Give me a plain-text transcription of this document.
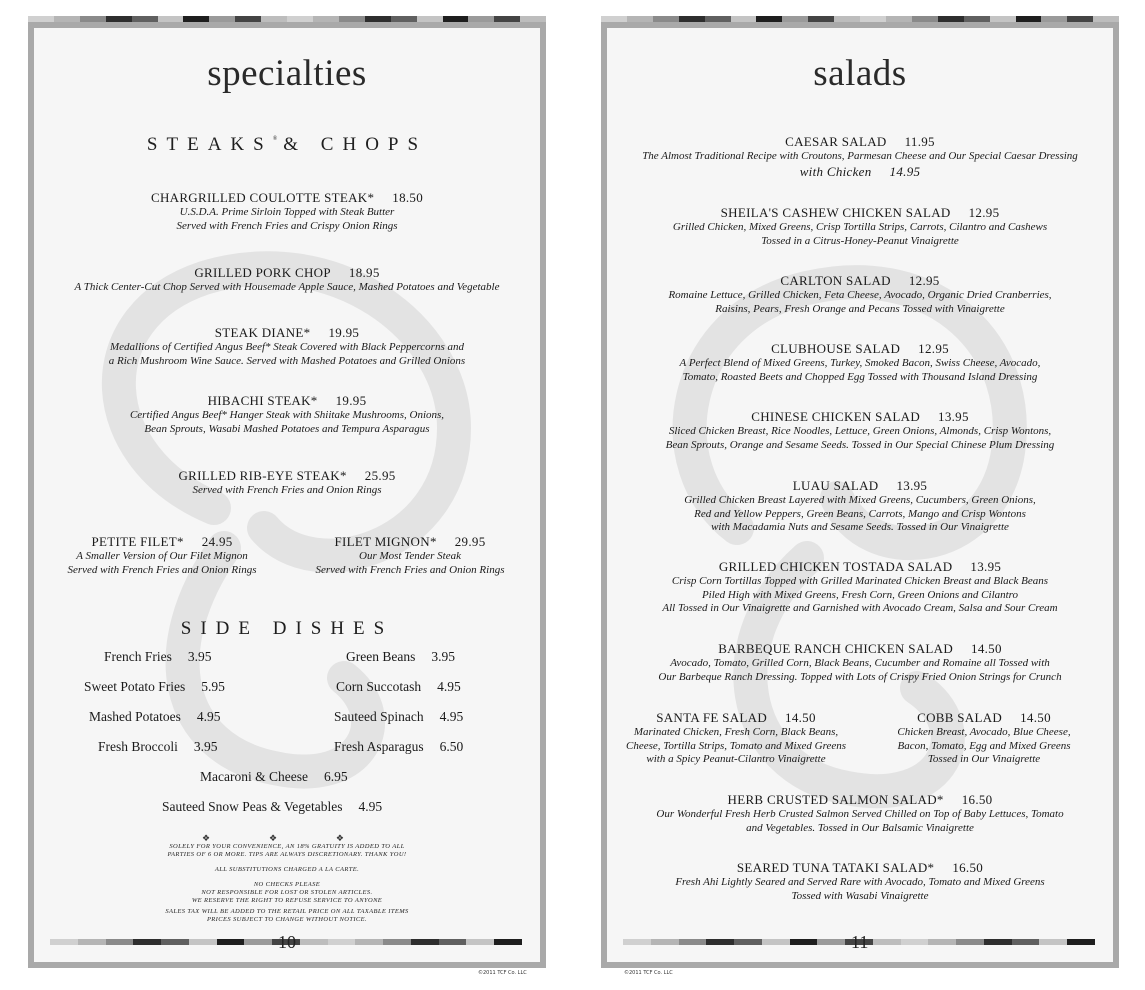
specialties
STEAKS® & CHOPS
CHARGRILLED COULOTTE STEAK* 18.50
U.S.D.A. Prime Sirloin Topped with Steak Butter
Served with French Fries and Crispy Onion Rings
GRILLED PORK CHOP 18.95
A Thick Center-Cut Chop Served with Housemade Apple Sauce, Mashed Potatoes and Vegetable
STEAK DIANE* 19.95
Medallions of Certified Angus Beef* Steak Covered with Black Peppercorns and
a Rich Mushroom Wine Sauce. Served with Mashed Potatoes and Grilled Onions
HIBACHI STEAK* 19.95
Certified Angus Beef* Hanger Steak with Shiitake Mushrooms, Onions,
Bean Sprouts, Wasabi Mashed Potatoes and Tempura Asparagus
GRILLED RIB-EYE STEAK* 25.95
Served with French Fries and Onion Rings
PETITE FILET* 24.95
A Smaller Version of Our Filet Mignon
Served with French Fries and Onion Rings
FILET MIGNON* 29.95
Our Most Tender Steak
Served with French Fries and Onion Rings
SIDE DISHES
French Fries 3.95	Green Beans 3.95
Sweet Potato Fries 5.95	Corn Succotash 4.95
Mashed Potatoes 4.95	Sauteed Spinach 4.95
Fresh Broccoli 3.95	Fresh Asparagus 6.50
Macaroni & Cheese 6.95
Sauteed Snow Peas & Vegetables 4.95
❖ ❖ ❖
SOLELY FOR YOUR CONVENIENCE, AN 18% GRATUITY IS ADDED TO ALL
PARTIES OF 6 OR MORE. TIPS ARE ALWAYS DISCRETIONARY. THANK YOU!
ALL SUBSTITUTIONS CHARGED A LA CARTE.
NO CHECKS PLEASE
NOT RESPONSIBLE FOR LOST OR STOLEN ARTICLES.
WE RESERVE THE RIGHT TO REFUSE SERVICE TO ANYONE
SALES TAX WILL BE ADDED TO THE RETAIL PRICE ON ALL TAXABLE ITEMS
PRICES SUBJECT TO CHANGE WITHOUT NOTICE.
10
©2011 TCF Co. LLC
salads
CAESAR SALAD 11.95
The Almost Traditional Recipe with Croutons, Parmesan Cheese and Our Special Caesar Dressing
with Chicken 14.95
SHEILA'S CASHEW CHICKEN SALAD 12.95
Grilled Chicken, Mixed Greens, Crisp Tortilla Strips, Carrots, Cilantro and Cashews
Tossed in a Citrus-Honey-Peanut Vinaigrette
CARLTON SALAD 12.95
Romaine Lettuce, Grilled Chicken, Feta Cheese, Avocado, Organic Dried Cranberries,
Raisins, Pears, Fresh Orange and Pecans Tossed with Vinaigrette
CLUBHOUSE SALAD 12.95
A Perfect Blend of Mixed Greens, Turkey, Smoked Bacon, Swiss Cheese, Avocado,
Tomato, Roasted Beets and Chopped Egg Tossed with Thousand Island Dressing
CHINESE CHICKEN SALAD 13.95
Sliced Chicken Breast, Rice Noodles, Lettuce, Green Onions, Almonds, Crisp Wontons,
Bean Sprouts, Orange and Sesame Seeds. Tossed in Our Special Chinese Plum Dressing
LUAU SALAD 13.95
Grilled Chicken Breast Layered with Mixed Greens, Cucumbers, Green Onions,
Red and Yellow Peppers, Green Beans, Carrots, Mango and Crisp Wontons
with Macadamia Nuts and Sesame Seeds. Tossed in Our Vinaigrette
GRILLED CHICKEN TOSTADA SALAD 13.95
Crisp Corn Tortillas Topped with Grilled Marinated Chicken Breast and Black Beans
Piled High with Mixed Greens, Fresh Corn, Green Onions and Cilantro
All Tossed in Our Vinaigrette and Garnished with Avocado Cream, Salsa and Sour Cream
BARBEQUE RANCH CHICKEN SALAD 14.50
Avocado, Tomato, Grilled Corn, Black Beans, Cucumber and Romaine all Tossed with
Our Barbeque Ranch Dressing. Topped with Lots of Crispy Fried Onion Strings for Crunch
SANTA FE SALAD 14.50
Marinated Chicken, Fresh Corn, Black Beans,
Cheese, Tortilla Strips, Tomato and Mixed Greens
with a Spicy Peanut-Cilantro Vinaigrette
COBB SALAD 14.50
Chicken Breast, Avocado, Blue Cheese,
Bacon, Tomato, Egg and Mixed Greens
Tossed in Our Vinaigrette
HERB CRUSTED SALMON SALAD* 16.50
Our Wonderful Fresh Herb Crusted Salmon Served Chilled on Top of Baby Lettuces, Tomato
and Vegetables. Tossed in Our Balsamic Vinaigrette
SEARED TUNA TATAKI SALAD* 16.50
Fresh Ahi Lightly Seared and Served Rare with Avocado, Tomato and Mixed Greens
Tossed with Wasabi Vinaigrette
11
©2011 TCF Co. LLC
